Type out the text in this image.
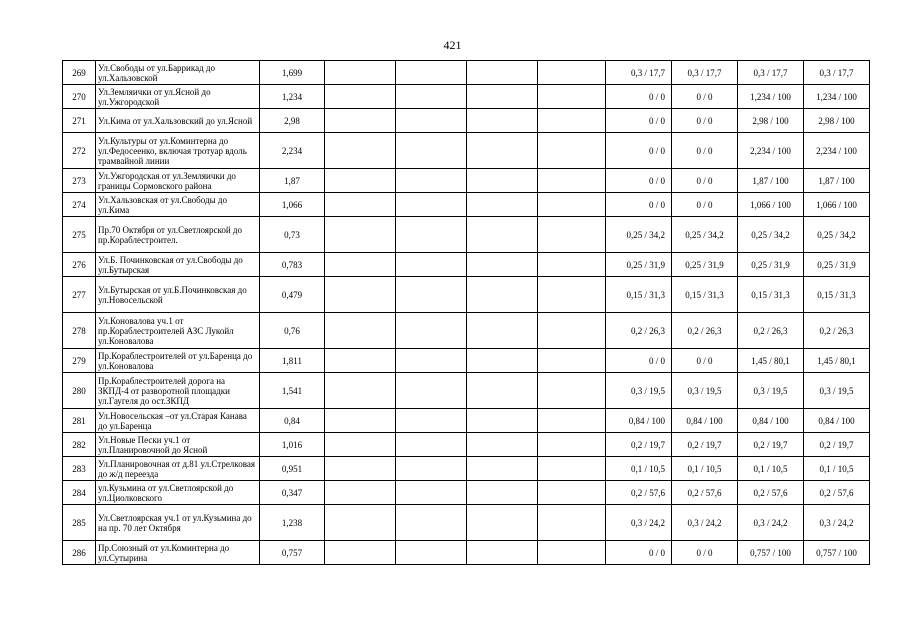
421
269	Ул.Свободы от ул.Баррикад до ул.Хальзовской	1,699					0,3 / 17,7	0,3 / 17,7	0,3 / 17,7	0,3 / 17,7
270	Ул.Земляички от ул.Ясной до ул.Ужгородской	1,234					0 / 0	0 / 0	1,234 / 100	1,234 / 100
271	Ул.Кима от ул.Хальзовский до ул.Ясной	2,98					0 / 0	0 / 0	2,98 / 100	2,98 / 100
272	Ул.Культуры от ул.Коминтерна до ул.Федосеенко, включая тротуар вдоль трамвайной линии	2,234					0 / 0	0 / 0	2,234 / 100	2,234 / 100
273	Ул.Ужгородская от ул.Земляички до границы Сормовского района	1,87					0 / 0	0 / 0	1,87 / 100	1,87 / 100
274	Ул.Хальзовская от ул.Свободы до ул.Кима	1,066					0 / 0	0 / 0	1,066 / 100	1,066 / 100
275	Пр.70 Октября от ул.Светлоярской до пр.Кораблестроител.	0,73					0,25 / 34,2	0,25 / 34,2	0,25 / 34,2	0,25 / 34,2
276	Ул.Б. Починковская от ул.Свободы до ул.Бутырская	0,783					0,25 / 31,9	0,25 / 31,9	0,25 / 31,9	0,25 / 31,9
277	Ул.Бутырская от ул.Б.Починковская до ул.Новосельской	0,479					0,15 / 31,3	0,15 / 31,3	0,15 / 31,3	0,15 / 31,3
278	Ул.Коновалова уч.1 от пр.Кораблестроителей АЗС Лукойл ул.Коновалова	0,76					0,2 / 26,3	0,2 / 26,3	0,2 / 26,3	0,2 / 26,3
279	Пр.Кораблестроителей от ул.Баренца до ул.Коновалова	1,811					0 / 0	0 / 0	1,45 / 80,1	1,45 / 80,1
280	Пр.Кораблестроителей дорога на ЗКПД-4 от разворотной площадки ул.Гаугеля до ост.ЗКПД	1,541					0,3 / 19,5	0,3 / 19,5	0,3 / 19,5	0,3 / 19,5
281	Ул.Новосельская –от ул.Старая Канава до ул.Баренца	0,84					0,84 / 100	0,84 / 100	0,84 / 100	0,84 / 100
282	Ул.Новые Пески уч.1 от ул.Планировочной до Ясной	1,016					0,2 / 19,7	0,2 / 19,7	0,2 / 19,7	0,2 / 19,7
283	Ул.Планировочная от д.81 ул.Стрелковая до ж/д переезда	0,951					0,1 / 10,5	0,1 / 10,5	0,1 / 10,5	0,1 / 10,5
284	ул.Кузьмина от ул.Светлоярской до ул.Циолковского	0,347					0,2 / 57,6	0,2 / 57,6	0,2 / 57,6	0,2 / 57,6
285	Ул.Светлоярская уч.1 от ул.Кузьмина до на пр. 70 лет Октября	1,238					0,3 / 24,2	0,3 / 24,2	0,3 / 24,2	0,3 / 24,2
286	Пр.Союзный от ул.Коминтерна до ул.Сутырина	0,757					0 / 0	0 / 0	0,757 / 100	0,757 / 100
